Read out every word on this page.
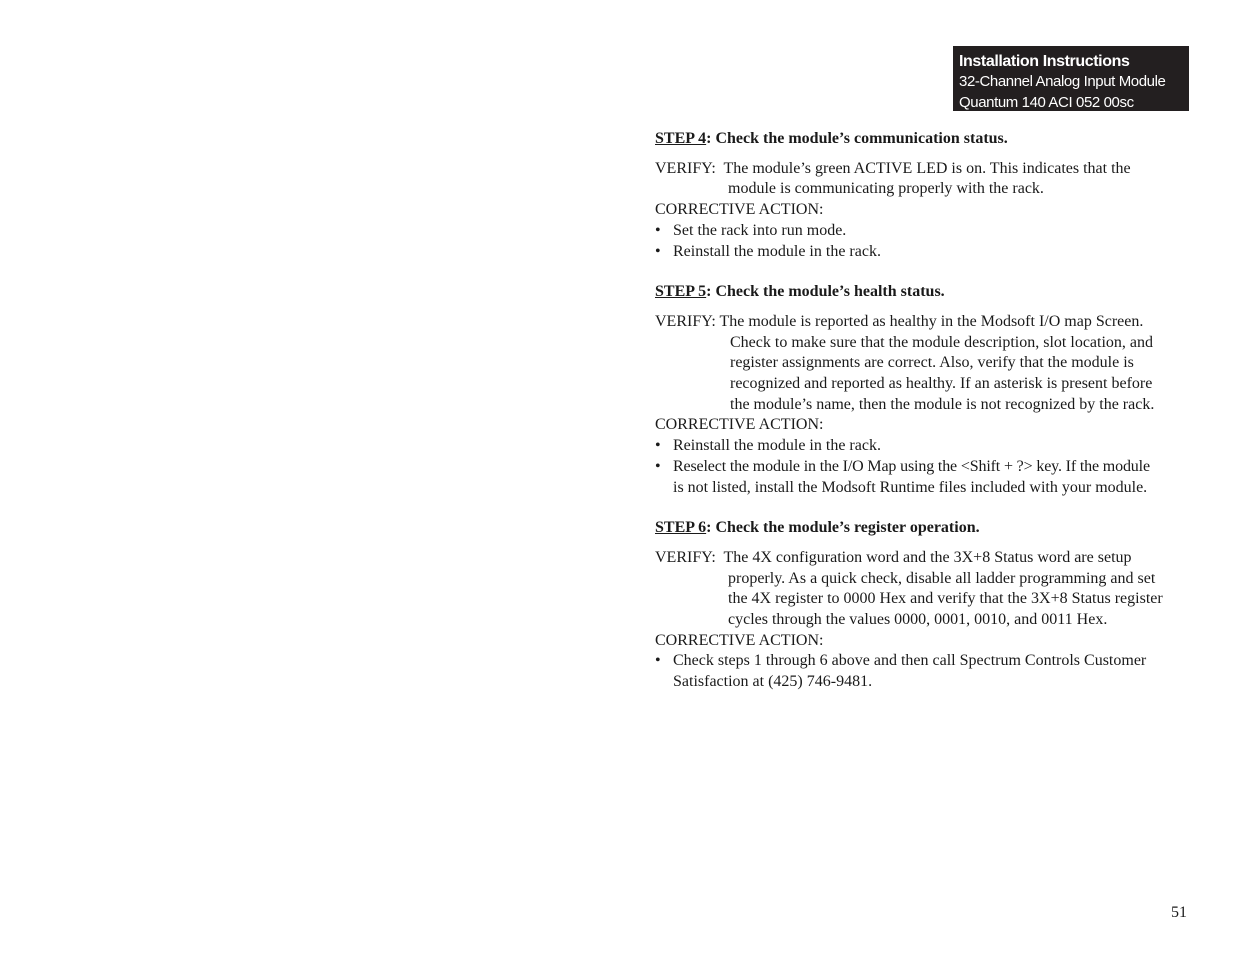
Installation Instructions
32-Channel Analog Input Module
Quantum 140 ACI 052 00sc

STEP 4: Check the module’s communication status.

VERIFY:  The module’s green ACTIVE LED is on. This indicates that the
module is communicating properly with the rack.

CORRECTIVE ACTION:

• Set the rack into run mode.
• Reinstall the module in the rack.

STEP 5: Check the module’s health status.

VERIFY: The module is reported as healthy in the Modsoft I/O map Screen.
Check to make sure that the module description, slot location, and
register assignments are correct. Also, verify that the module is
recognized and reported as healthy. If an asterisk is present before
the module’s name, then the module is not recognized by the rack.

CORRECTIVE ACTION:

• Reinstall the module in the rack.
• Reselect the module in the I/O Map using the <Shift + ?> key. If the module
is not listed, install the Modsoft Runtime files included with your module.

STEP 6: Check the module’s register operation.

VERIFY:  The 4X configuration word and the 3X+8 Status word are setup
properly. As a quick check, disable all ladder programming and set
the 4X register to 0000 Hex and verify that the 3X+8 Status register
cycles through the values 0000, 0001, 0010, and 0011 Hex.

CORRECTIVE ACTION:

• Check steps 1 through 6 above and then call Spectrum Controls Customer
Satisfaction at (425) 746-9481.
51
